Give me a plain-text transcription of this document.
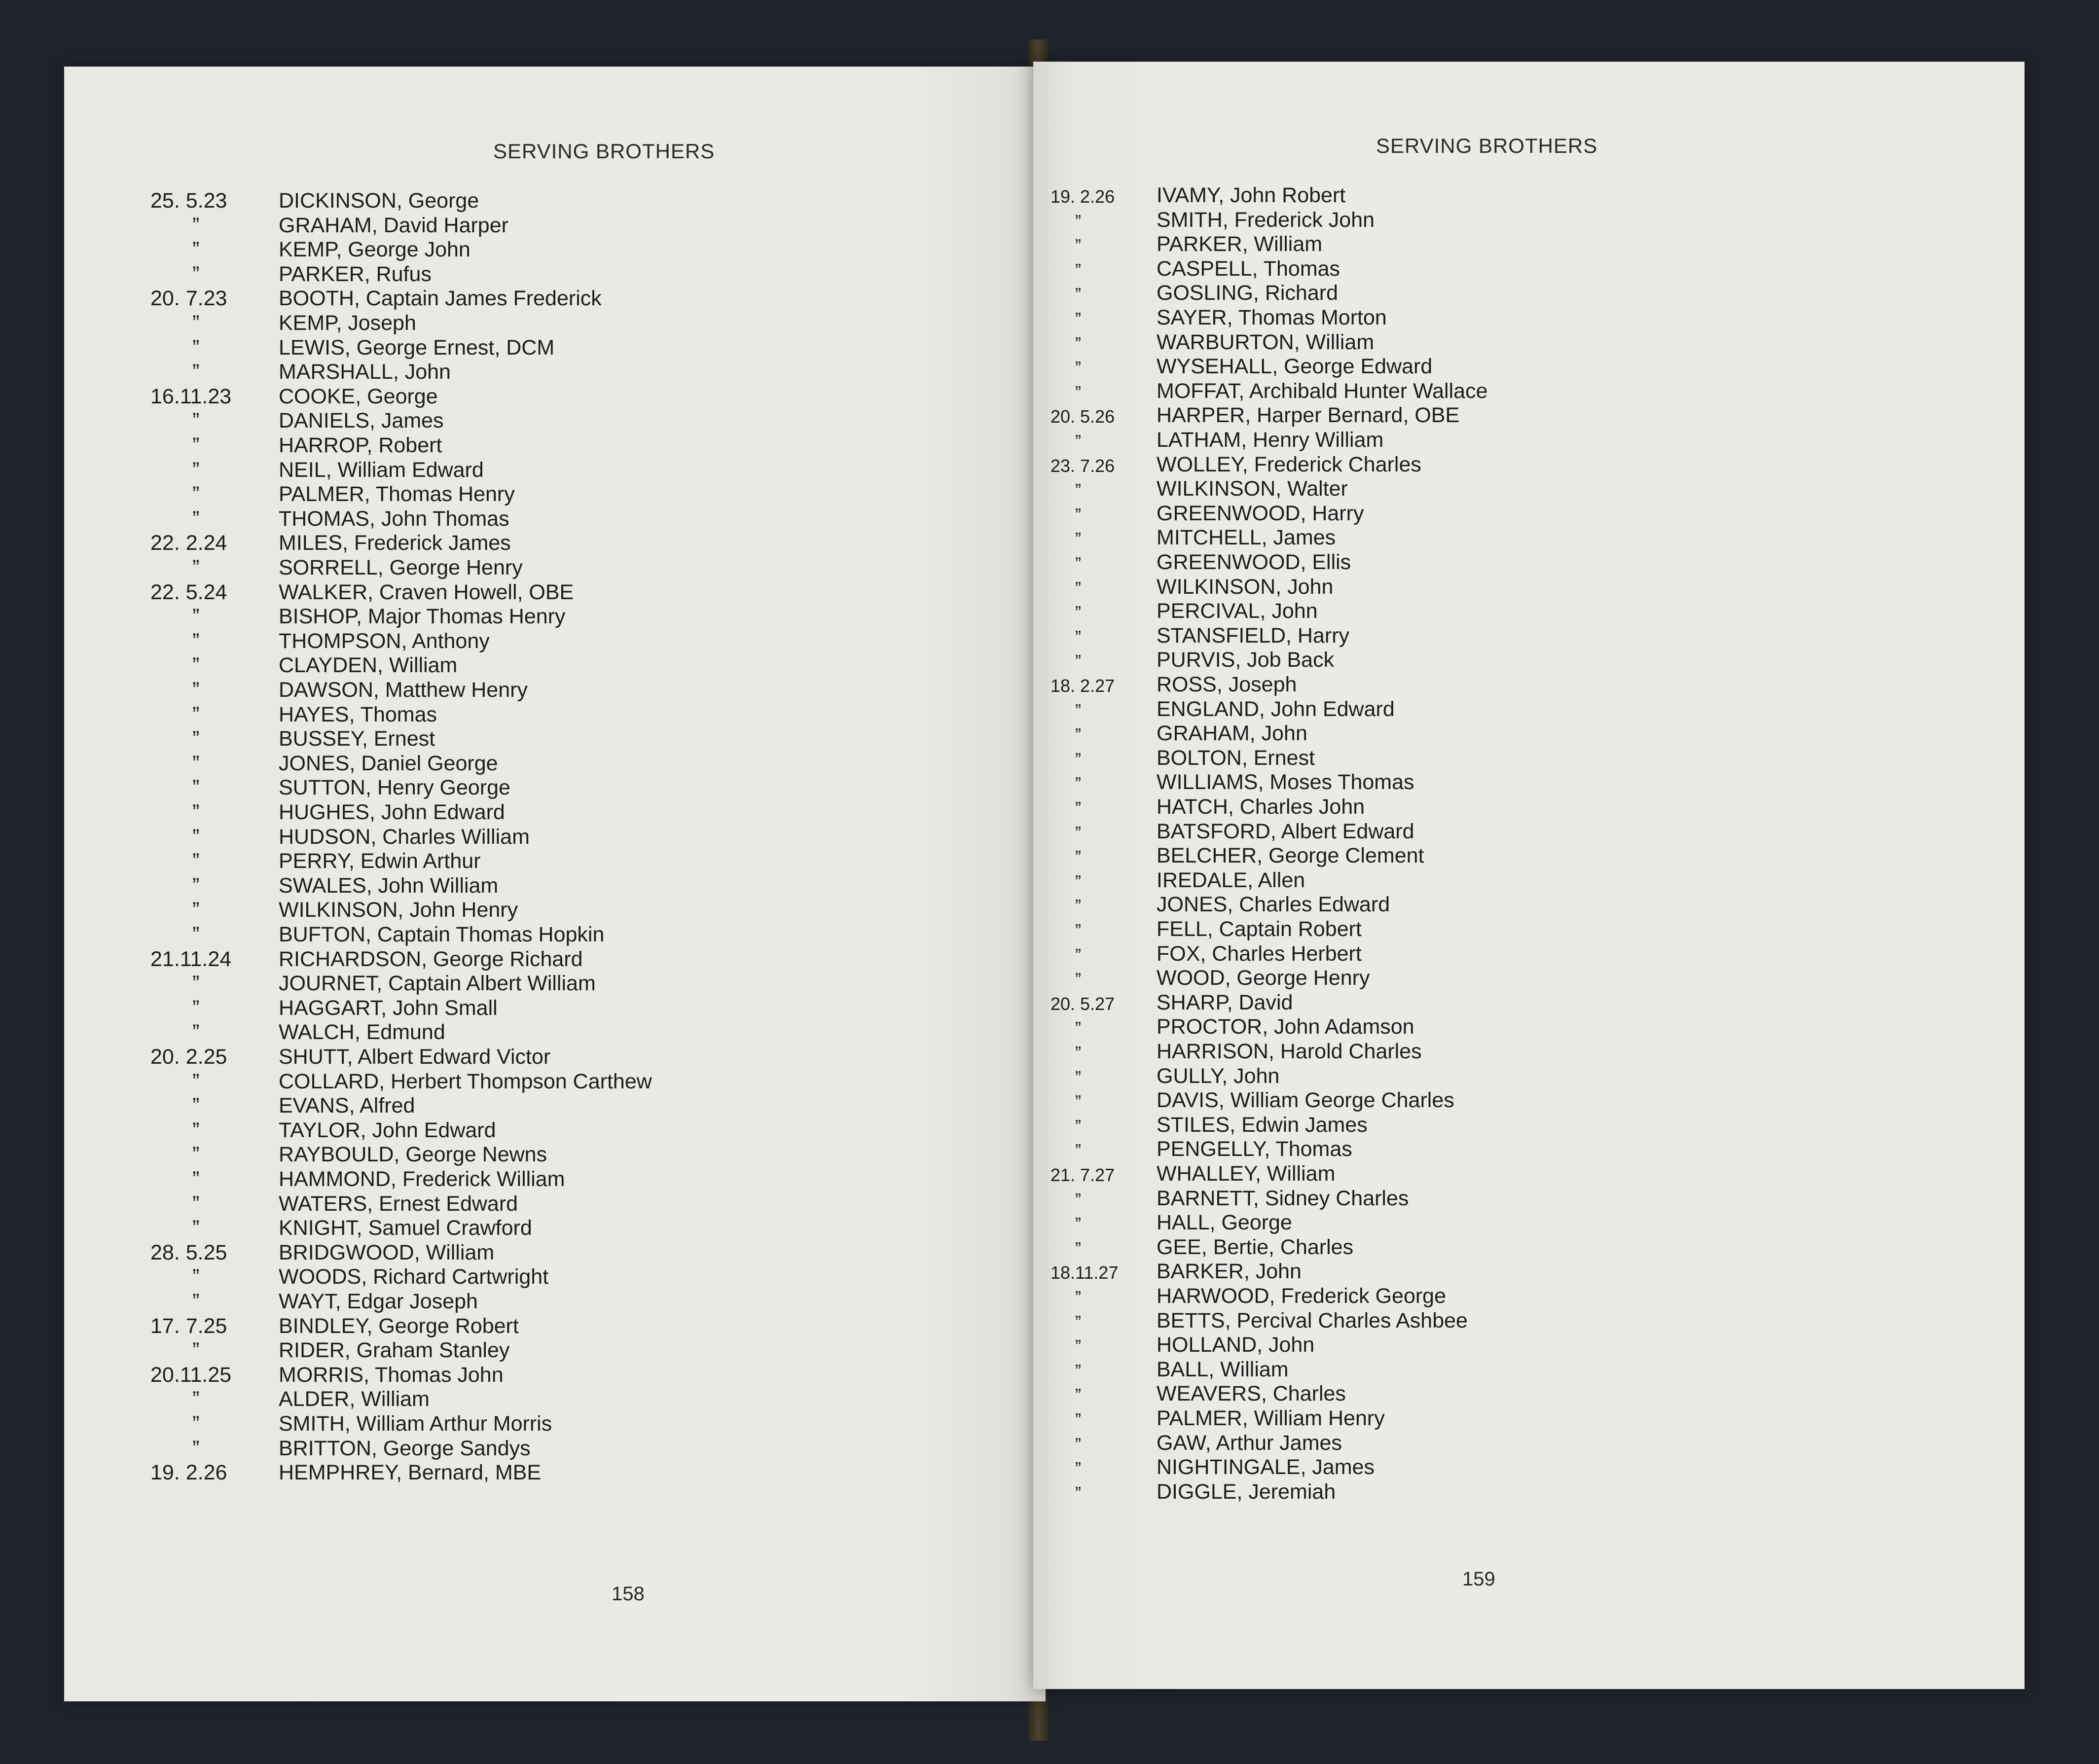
SERVING BROTHERS
158
SERVING BROTHERS
159
25. 5.23	DICKINSON, George
”	GRAHAM, David Harper
”	KEMP, George John
”	PARKER, Rufus
20. 7.23	BOOTH, Captain James Frederick
”	KEMP, Joseph
”	LEWIS, George Ernest, DCM
”	MARSHALL, John
16.11.23	COOKE, George
”	DANIELS, James
”	HARROP, Robert
”	NEIL, William Edward
”	PALMER, Thomas Henry
”	THOMAS, John Thomas
22. 2.24	MILES, Frederick James
”	SORRELL, George Henry
22. 5.24	WALKER, Craven Howell, OBE
”	BISHOP, Major Thomas Henry
”	THOMPSON, Anthony
”	CLAYDEN, William
”	DAWSON, Matthew Henry
”	HAYES, Thomas
”	BUSSEY, Ernest
”	JONES, Daniel George
”	SUTTON, Henry George
”	HUGHES, John Edward
”	HUDSON, Charles William
”	PERRY, Edwin Arthur
”	SWALES, John William
”	WILKINSON, John Henry
”	BUFTON, Captain Thomas Hopkin
21.11.24	RICHARDSON, George Richard
”	JOURNET, Captain Albert William
”	HAGGART, John Small
”	WALCH, Edmund
20. 2.25	SHUTT, Albert Edward Victor
”	COLLARD, Herbert Thompson Carthew
”	EVANS, Alfred
”	TAYLOR, John Edward
”	RAYBOULD, George Newns
”	HAMMOND, Frederick William
”	WATERS, Ernest Edward
”	KNIGHT, Samuel Crawford
28. 5.25	BRIDGWOOD, William
”	WOODS, Richard Cartwright
”	WAYT, Edgar Joseph
17. 7.25	BINDLEY, George Robert
”	RIDER, Graham Stanley
20.11.25	MORRIS, Thomas John
”	ALDER, William
”	SMITH, William Arthur Morris
”	BRITTON, George Sandys
19. 2.26	HEMPHREY, Bernard, MBE
19. 2.26	IVAMY, John Robert
”	SMITH, Frederick John
”	PARKER, William
”	CASPELL, Thomas
”	GOSLING, Richard
”	SAYER, Thomas Morton
”	WARBURTON, William
”	WYSEHALL, George Edward
”	MOFFAT, Archibald Hunter Wallace
20. 5.26	HARPER, Harper Bernard, OBE
”	LATHAM, Henry William
23. 7.26	WOLLEY, Frederick Charles
”	WILKINSON, Walter
”	GREENWOOD, Harry
”	MITCHELL, James
”	GREENWOOD, Ellis
”	WILKINSON, John
”	PERCIVAL, John
”	STANSFIELD, Harry
”	PURVIS, Job Back
18. 2.27	ROSS, Joseph
”	ENGLAND, John Edward
”	GRAHAM, John
”	BOLTON, Ernest
”	WILLIAMS, Moses Thomas
”	HATCH, Charles John
”	BATSFORD, Albert Edward
”	BELCHER, George Clement
”	IREDALE, Allen
”	JONES, Charles Edward
”	FELL, Captain Robert
”	FOX, Charles Herbert
”	WOOD, George Henry
20. 5.27	SHARP, David
”	PROCTOR, John Adamson
”	HARRISON, Harold Charles
”	GULLY, John
”	DAVIS, William George Charles
”	STILES, Edwin James
”	PENGELLY, Thomas
21. 7.27	WHALLEY, William
”	BARNETT, Sidney Charles
”	HALL, George
”	GEE, Bertie, Charles
18.11.27	BARKER, John
”	HARWOOD, Frederick George
”	BETTS, Percival Charles Ashbee
”	HOLLAND, John
”	BALL, William
”	WEAVERS, Charles
”	PALMER, William Henry
”	GAW, Arthur James
”	NIGHTINGALE, James
”	DIGGLE, Jeremiah
